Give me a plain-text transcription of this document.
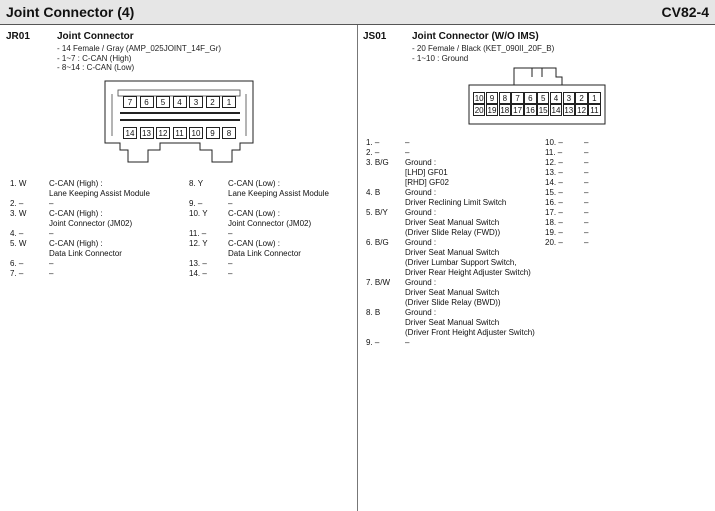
Joint Connector (4)	CV82-4
JR01	Joint Connector
- 14 Female / Gray (AMP_025JOINT_14F_Gr)
- 1~7 : C-CAN (High)
- 8~14 : C-CAN (Low)
7	6	5	4	3	2	1
14 13 12 11 10	9	8
1. W	C-CAN (High) :
Lane Keeping Assist Module
2. –	–
3. W	C-CAN (High) :
Joint Connector (JM02)
4. –	–
5. W	C-CAN (High) :
Data Link Connector
6. –	–
7. –	–
8. Y	C-CAN (Low) :
Lane Keeping Assist Module
9. –	–
10. Y	C-CAN (Low) :
Joint Connector (JM02)
11. –	–
12. Y	C-CAN (Low) :
Data Link Connector
13. –	–
14. –	–
JS01	Joint Connector (W/O IMS)
- 20 Female / Black (KET_090II_20F_B)
- 1~10 : Ground
10 9	8	7	6	5	4	3	2	1
20 19 18 17 16 15 14 13 12 11
1. –	–
2. –	–
3. B/G Ground :
[LHD] GF01
[RHD] GF02
4. B	Ground :
Driver Reclining Limit Switch
5. B/Y Ground :
Driver Seat Manual Switch
(Driver Slide Relay (FWD))
6. B/G Ground :
Driver Seat Manual Switch
(Driver Lumbar Support Switch,
Driver Rear Height Adjuster Switch)
7. B/W Ground :
Driver Seat Manual Switch
(Driver Slide Relay (BWD))
8. B	Ground :
Driver Seat Manual Switch
(Driver Front Height Adjuster Switch)
9. –	–
10. –	–
11. –	–
12. –	–
13. –	–
14. –	–
15. –	–
16. –	–
17. –	–
18. –	–
19. –	–
20. –	–
